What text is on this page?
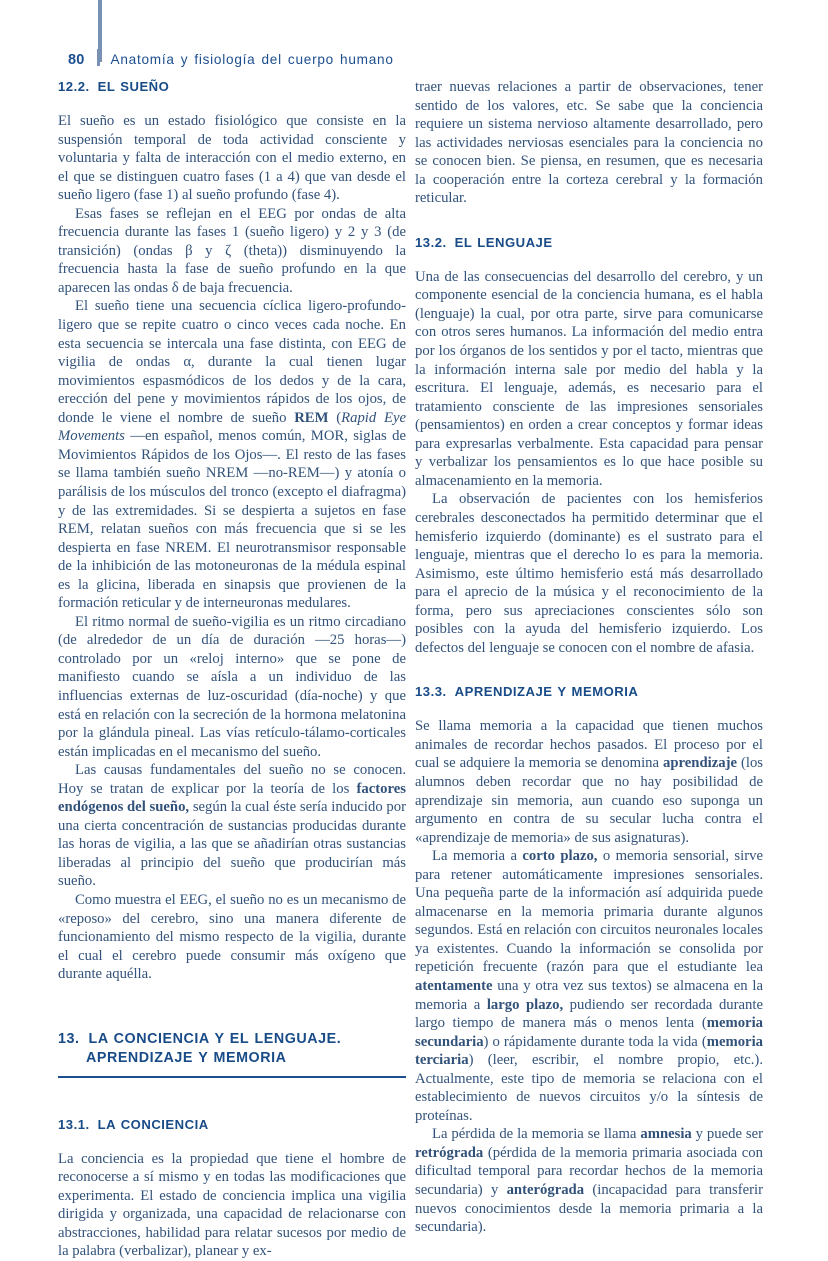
80 Anatomía y fisiología del cuerpo humano
12.2. EL SUEÑO

El sueño es un estado fisiológico que consiste en la suspensión temporal de toda actividad consciente y voluntaria y falta de interacción con el medio externo, en el que se distinguen cuatro fases (1 a 4) que van desde el sueño ligero (fase 1) al sueño profundo (fase 4).

Esas fases se reflejan en el EEG por ondas de alta frecuencia durante las fases 1 (sueño ligero) y 2 y 3 (de transición) (ondas β y ζ (theta)) disminuyendo la frecuencia hasta la fase de sueño profundo en la que aparecen las ondas δ de baja frecuencia.

El sueño tiene una secuencia cíclica ligero-profundo-ligero que se repite cuatro o cinco veces cada noche. En esta secuencia se intercala una fase distinta, con EEG de vigilia de ondas α, durante la cual tienen lugar movimientos espasmódicos de los dedos y de la cara, erección del pene y movimientos rápidos de los ojos, de donde le viene el nombre de sueño REM (Rapid Eye Movements —en español, menos común, MOR, siglas de Movimientos Rápidos de los Ojos—. El resto de las fases se llama también sueño NREM —no-REM—) y atonía o parálisis de los músculos del tronco (excepto el diafragma) y de las extremidades. Si se despierta a sujetos en fase REM, relatan sueños con más frecuencia que si se les despierta en fase NREM. El neurotransmisor responsable de la inhibición de las motoneuronas de la médula espinal es la glicina, liberada en sinapsis que provienen de la formación reticular y de interneuronas medulares.

El ritmo normal de sueño-vigilia es un ritmo circadiano (de alrededor de un día de duración —25 horas—) controlado por un «reloj interno» que se pone de manifiesto cuando se aísla a un individuo de las influencias externas de luz-oscuridad (día-noche) y que está en relación con la secreción de la hormona melatonina por la glándula pineal. Las vías retículo-tálamo-corticales están implicadas en el mecanismo del sueño.

Las causas fundamentales del sueño no se conocen. Hoy se tratan de explicar por la teoría de los factores endógenos del sueño, según la cual éste sería inducido por una cierta concentración de sustancias producidas durante las horas de vigilia, a las que se añadirían otras sustancias liberadas al principio del sueño que producirían más sueño.

Como muestra el EEG, el sueño no es un mecanismo de «reposo» del cerebro, sino una manera diferente de funcionamiento del mismo respecto de la vigilia, durante el cual el cerebro puede consumir más oxígeno que durante aquélla.

13. LA CONCIENCIA Y EL LENGUAJE.
APRENDIZAJE Y MEMORIA
13.1. LA CONCIENCIA

La conciencia es la propiedad que tiene el hombre de reconocerse a sí mismo y en todas las modificaciones que experimenta. El estado de conciencia implica una vigilia dirigida y organizada, una capacidad de relacionarse con abstracciones, habilidad para relatar sucesos por medio de la palabra (verbalizar), planear y ex-

traer nuevas relaciones a partir de observaciones, tener sentido de los valores, etc. Se sabe que la conciencia requiere un sistema nervioso altamente desarrollado, pero las actividades nerviosas esenciales para la conciencia no se conocen bien. Se piensa, en resumen, que es necesaria la cooperación entre la corteza cerebral y la formación reticular.

13.2. EL LENGUAJE

Una de las consecuencias del desarrollo del cerebro, y un componente esencial de la conciencia humana, es el habla (lenguaje) la cual, por otra parte, sirve para comunicarse con otros seres humanos. La información del medio entra por los órganos de los sentidos y por el tacto, mientras que la información interna sale por medio del habla y la escritura. El lenguaje, además, es necesario para el tratamiento consciente de las impresiones sensoriales (pensamientos) en orden a crear conceptos y formar ideas para expresarlas verbalmente. Esta capacidad para pensar y verbalizar los pensamientos es lo que hace posible su almacenamiento en la memoria.

La observación de pacientes con los hemisferios cerebrales desconectados ha permitido determinar que el hemisferio izquierdo (dominante) es el sustrato para el lenguaje, mientras que el derecho lo es para la memoria. Asimismo, este último hemisferio está más desarrollado para el aprecio de la música y el reconocimiento de la forma, pero sus apreciaciones conscientes sólo son posibles con la ayuda del hemisferio izquierdo. Los defectos del lenguaje se conocen con el nombre de afasia.

13.3. APRENDIZAJE Y MEMORIA

Se llama memoria a la capacidad que tienen muchos animales de recordar hechos pasados. El proceso por el cual se adquiere la memoria se denomina aprendizaje (los alumnos deben recordar que no hay posibilidad de aprendizaje sin memoria, aun cuando eso suponga un argumento en contra de su secular lucha contra el «aprendizaje de memoria» de sus asignaturas).

La memoria a corto plazo, o memoria sensorial, sirve para retener automáticamente impresiones sensoriales. Una pequeña parte de la información así adquirida puede almacenarse en la memoria primaria durante algunos segundos. Está en relación con circuitos neuronales locales ya existentes. Cuando la información se consolida por repetición frecuente (razón para que el estudiante lea atentamente una y otra vez sus textos) se almacena en la memoria a largo plazo, pudiendo ser recordada durante largo tiempo de manera más o menos lenta (memoria secundaria) o rápidamente durante toda la vida (memoria terciaria) (leer, escribir, el nombre propio, etc.). Actualmente, este tipo de memoria se relaciona con el establecimiento de nuevos circuitos y/o la síntesis de proteínas.

La pérdida de la memoria se llama amnesia y puede ser retrógrada (pérdida de la memoria primaria asociada con dificultad temporal para recordar hechos de la memoria secundaria) y anterógrada (incapacidad para transferir nuevos conocimientos desde la memoria primaria a la secundaria).
